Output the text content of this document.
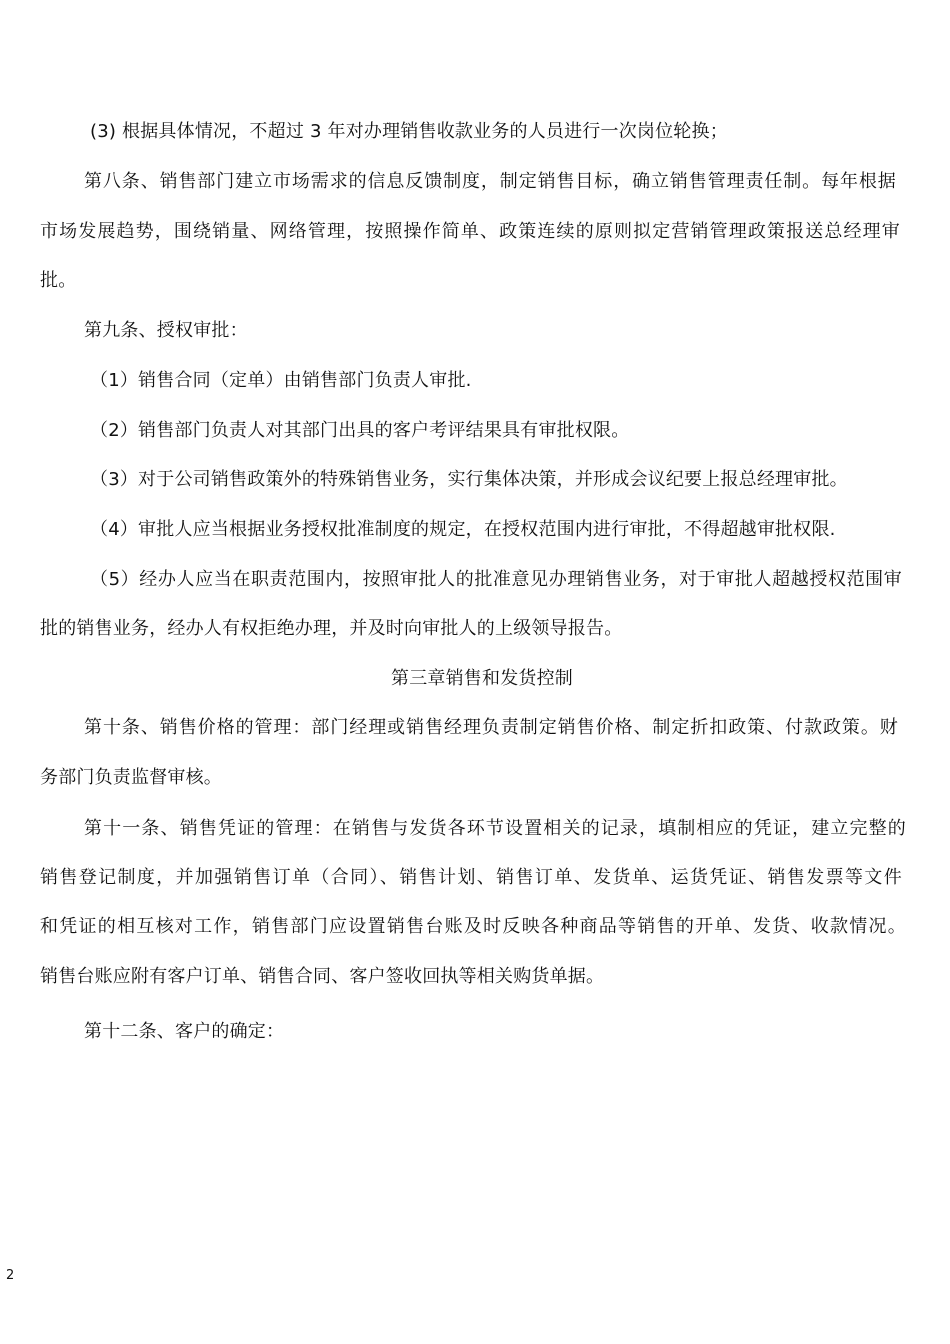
(3) 根据具体情况，不超过 3 年对办理销售收款业务的人员进行一次岗位轮换；
第八条、销售部门建立市场需求的信息反馈制度，制定销售目标，确立销售管理责任制。每年根据
市场发展趋势，围绕销量、网络管理，按照操作简单、政策连续的原则拟定营销管理政策报送总经理审
批。
第九条、授权审批：
（1）销售合同（定单）由销售部门负责人审批.
（2）销售部门负责人对其部门出具的客户考评结果具有审批权限。
（3）对于公司销售政策外的特殊销售业务，实行集体决策，并形成会议纪要上报总经理审批。
（4）审批人应当根据业务授权批准制度的规定，在授权范围内进行审批，不得超越审批权限.
（5）经办人应当在职责范围内，按照审批人的批准意见办理销售业务，对于审批人超越授权范围审
批的销售业务，经办人有权拒绝办理，并及时向审批人的上级领导报告。
第三章销售和发货控制
第十条、销售价格的管理：部门经理或销售经理负责制定销售价格、制定折扣政策、付款政策。财
务部门负责监督审核。
第十一条、销售凭证的管理：在销售与发货各环节设置相关的记录，填制相应的凭证，建立完整的
销售登记制度，并加强销售订单（合同）、销售计划、销售订单、发货单、运货凭证、销售发票等文件
和凭证的相互核对工作，销售部门应设置销售台账及时反映各种商品等销售的开单、发货、收款情况。
销售台账应附有客户订单、销售合同、客户签收回执等相关购货单据。
第十二条、客户的确定：
2
